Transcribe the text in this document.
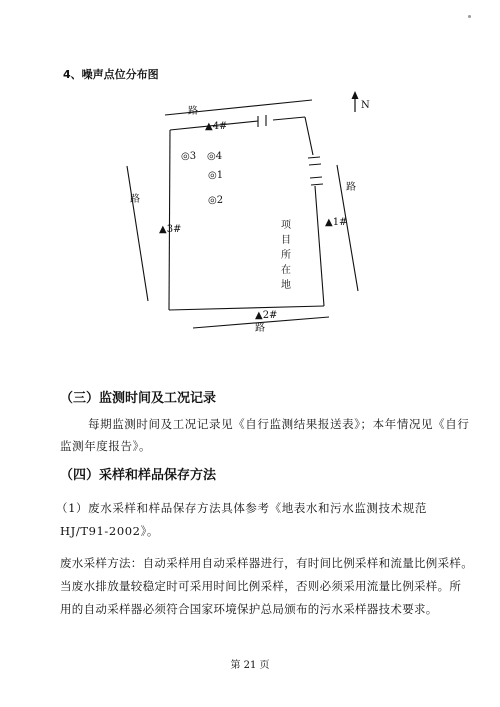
4、噪声点位分布图
N
路
路
路
路
◎3 ◎4
◎1
◎2
▲4#
▲3#
▲1#
▲2#
项
目
所
在
地
（三）监测时间及工况记录
每期监测时间及工况记录见《自行监测结果报送表》；本年情况见《自行
监测年度报告》。
（四）采样和样品保存方法
（1）废水采样和样品保存方法具体参考《地表水和污水监测技术规范
HJ/T91-2002》。
废水采样方法：自动采样用自动采样器进行，有时间比例采样和流量比例采样。
当废水排放量较稳定时可采用时间比例采样，否则必须采用流量比例采样。所
用的自动采样器必须符合国家环境保护总局颁布的污水采样器技术要求。
第 21 页
